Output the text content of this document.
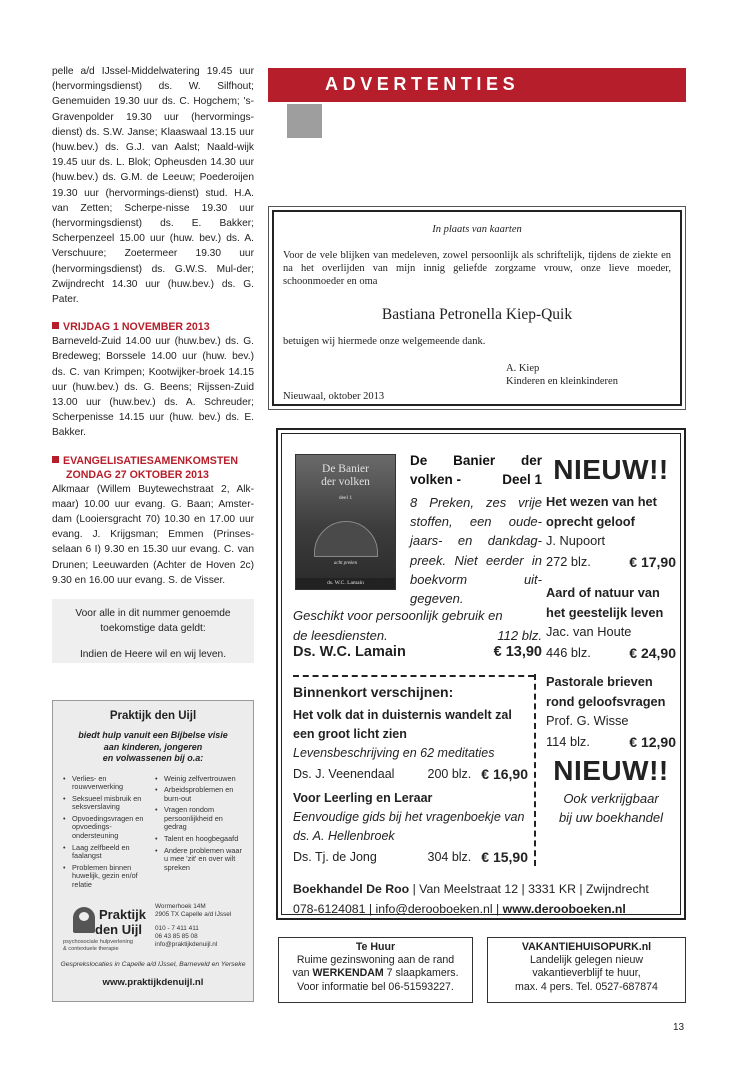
pelle a/d IJssel-Middelwatering 19.45 uur (hervormingsdienst) ds. W. Silfhout; Genemuiden 19.30 uur ds. C. Hogchem; 's-Gravenpolder 19.30 uur (hervormings-dienst) ds. S.W. Janse; Klaaswaal 13.15 uur (huw.bev.) ds. G.J. van Aalst; Naald-wijk 19.45 uur ds. L. Blok; Opheusden 14.30 uur (huw.bev.) ds. G.M. de Leeuw; Poederoijen 19.30 uur (hervormings-dienst) stud. H.A. van Zetten; Scherpe-nisse 19.30 uur (hervormingsdienst) ds. E. Bakker; Scherpenzeel 15.00 uur (huw. bev.) ds. A. Verschuure; Zoetermeer 19.30 uur (hervormingsdienst) ds. G.W.S. Mul-der; Zwijndrecht 14.30 uur (huw.bev.) ds. G. Pater.

VRIJDAG 1 NOVEMBER 2013

Barneveld-Zuid 14.00 uur (huw.bev.) ds. G. Bredeweg; Borssele 14.00 uur (huw. bev.) ds. C. van Krimpen; Kootwijker-broek 14.15 uur (huw.bev.) ds. G. Beens; Rijssen-Zuid 13.00 uur (huw.bev.) ds. A. Schreuder; Scherpenisse 14.15 uur (huw. bev.) ds. E. Bakker.

EVANGELISATIESAMENKOMSTEN
ZONDAG 27 OKTOBER 2013

Alkmaar (Willem Buytewechstraat 2, Alk-maar) 10.00 uur evang. G. Baan; Amster-dam (Looiersgracht 70) 10.30 en 17.00 uur evang. J. Krijgsman; Emmen (Prinses-selaan 6 I) 9.30 en 15.30 uur evang. C. van Drunen; Leeuwarden (Achter de Hoven 2c) 9.30 en 16.00 uur evang. S. de Visser.

Voor alle in dit nummer genoemde
toekomstige data geldt:
Indien de Heere wil en wij leven.
Praktijk den Uijl
biedt hulp vanuit een Bijbelse visie
aan kinderen, jongeren
en volwassenen bij o.a:
• Verlies- en rouwverwerking
• Seksueel misbruik en seksverslaving
• Opvoedingsvragen en opvoedings-ondersteuning
• Laag zelfbeeld en faalangst
• Problemen binnen huwelijk, gezin en/of relatie
• Weinig zelfvertrouwen
• Arbeidsproblemen en burn-out
• Vragen rondom persoonlijkheid en gedrag
• Talent en hoogbegaafd
• Andere problemen waar u mee 'zit' en over wilt spreken
Praktijk
den Uijl
psychosociale hulpverlening
& contextuele therapie
Wormerhoek 14M
2905 TX Capelle a/d IJssel
010 - 7 411 411
06 43 85 85 08
info@praktijkdenuijl.nl
Gesprekslocaties in Capelle a/d IJssel, Barneveld en Yerseke
www.praktijkdenuijl.nl
ADVERTENTIES
In plaats van kaarten
Voor de vele blijken van medeleven, zowel persoonlijk als schriftelijk, tijdens de ziekte en na het overlijden van mijn innig geliefde zorgzame vrouw, onze lieve moeder, schoonmoeder en oma
Bastiana Petronella Kiep-Quik
betuigen wij hiermede onze welgemeende dank.
A. Kiep
Kinderen en kleinkinderen
Nieuwaal, oktober 2013
De Banier
der volken
deel 1
acht preken
ds. W.C. Lamain
De Banier der
volken -	Deel 1
8 Preken, zes vrije stoffen, een oude-jaars- en dankdag-preek. Niet eerder in boekvorm uit-gegeven.
Geschikt voor persoonlijk gebruik en
de leesdiensten.	112 blz.
Ds. W.C. Lamain	€ 13,90
Binnenkort verschijnen:
Het volk dat in duisternis wandelt zal een groot licht zien
Levensbeschrijving en 62 meditaties
Ds. J. Veenendaal	200 blz. € 16,90
Voor Leerling en Leraar
Eenvoudige gids bij het vragenboekje van ds. A. Hellenbroek
Ds. Tj. de Jong	304 blz. € 15,90
NIEUW!!
Het wezen van het oprecht geloof
J. Nupoort
272 blz.	€ 17,90
Aard of natuur van het geestelijk leven
Jac. van Houte
446 blz.	€ 24,90
Pastorale brieven rond geloofsvragen
Prof. G. Wisse
114 blz.	€ 12,90
NIEUW!!
Ook verkrijgbaar
bij uw boekhandel
Boekhandel De Roo | Van Meelstraat 12 | 3331 KR | Zwijndrecht
078-6124081 | info@derooboeken.nl | www.derooboeken.nl
Te Huur
Ruime gezinswoning aan de rand
van WERKENDAM 7 slaapkamers.
Voor informatie bel 06-51593227.
VAKANTIEHUISOPURK.nl
Landelijk gelegen nieuw
vakantieverblijf te huur,
max. 4 pers. Tel. 0527-687874
13
